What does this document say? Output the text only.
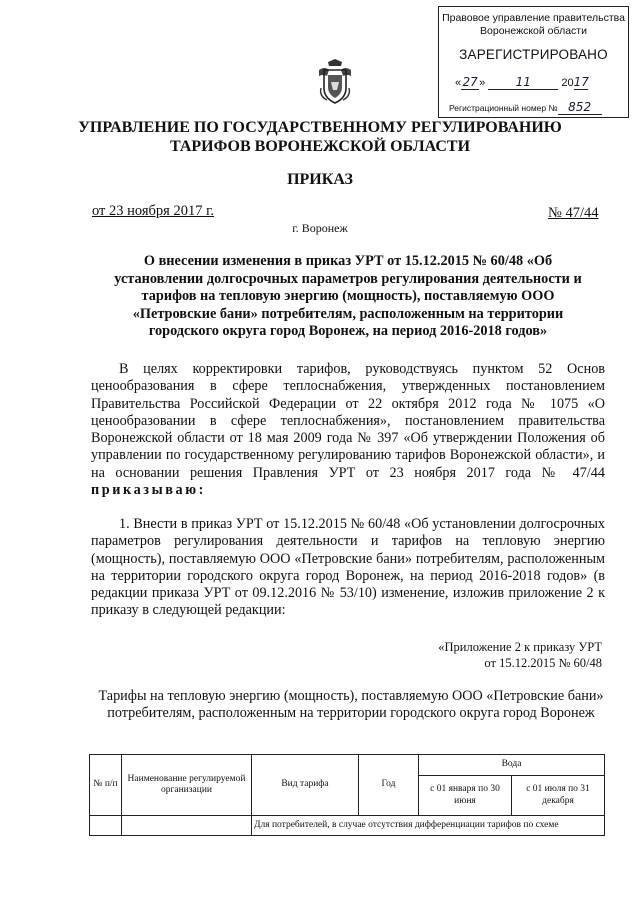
Правовое управление правительства
Воронежской области
ЗАРЕГИСТРИРОВАНО
«27»	11	2017
Регистрационный номер № 852
УПРАВЛЕНИЕ ПО ГОСУДАРСТВЕННОМУ РЕГУЛИРОВАНИЮ
ТАРИФОВ ВОРОНЕЖСКОЙ ОБЛАСТИ
ПРИКАЗ
от 23 ноября 2017 г.
г. Воронеж
№ 47/44
О внесении изменения в приказ УРТ от 15.12.2015 № 60/48 «Об установлении долгосрочных параметров регулирования деятельности и тарифов на тепловую энергию (мощность), поставляемую ООО «Петровские бани» потребителям, расположенным на территории городского округа город Воронеж, на период 2016-2018 годов»
В целях корректировки тарифов, руководствуясь пунктом 52 Основ ценообразования в сфере теплоснабжения, утвержденных постановлением Правительства Российской Федерации от 22 октября 2012 года № 1075 «О ценообразовании в сфере теплоснабжения», постановлением правительства Воронежской области от 18 мая 2009 года № 397 «Об утверждении Положения об управлении по государственному регулированию тарифов Воронежской области», и на основании решения Правления УРТ от 23 ноября 2017 года № 47/44 приказываю:
1. Внести в приказ УРТ от 15.12.2015 № 60/48 «Об установлении долгосрочных параметров регулирования деятельности и тарифов на тепловую энергию (мощность), поставляемую ООО «Петровские бани» потребителям, расположенным на территории городского округа город Воронеж, на период 2016-2018 годов» (в редакции приказа УРТ от 09.12.2016 № 53/10) изменение, изложив приложение 2 к приказу в следующей редакции:
«Приложение 2 к приказу УРТ
от 15.12.2015 № 60/48
Тарифы на тепловую энергию (мощность), поставляемую ООО «Петровские бани» потребителям, расположенным на территории городского округа город Воронеж
№ п/п	Наименование регулируемой организации	Вид тарифа	Год	Вода	
				с 01 января по 30 июня	с 01 июля по 31 декабря
		Для потребителей, в случае отсутствия дифференциации тарифов по схеме			
